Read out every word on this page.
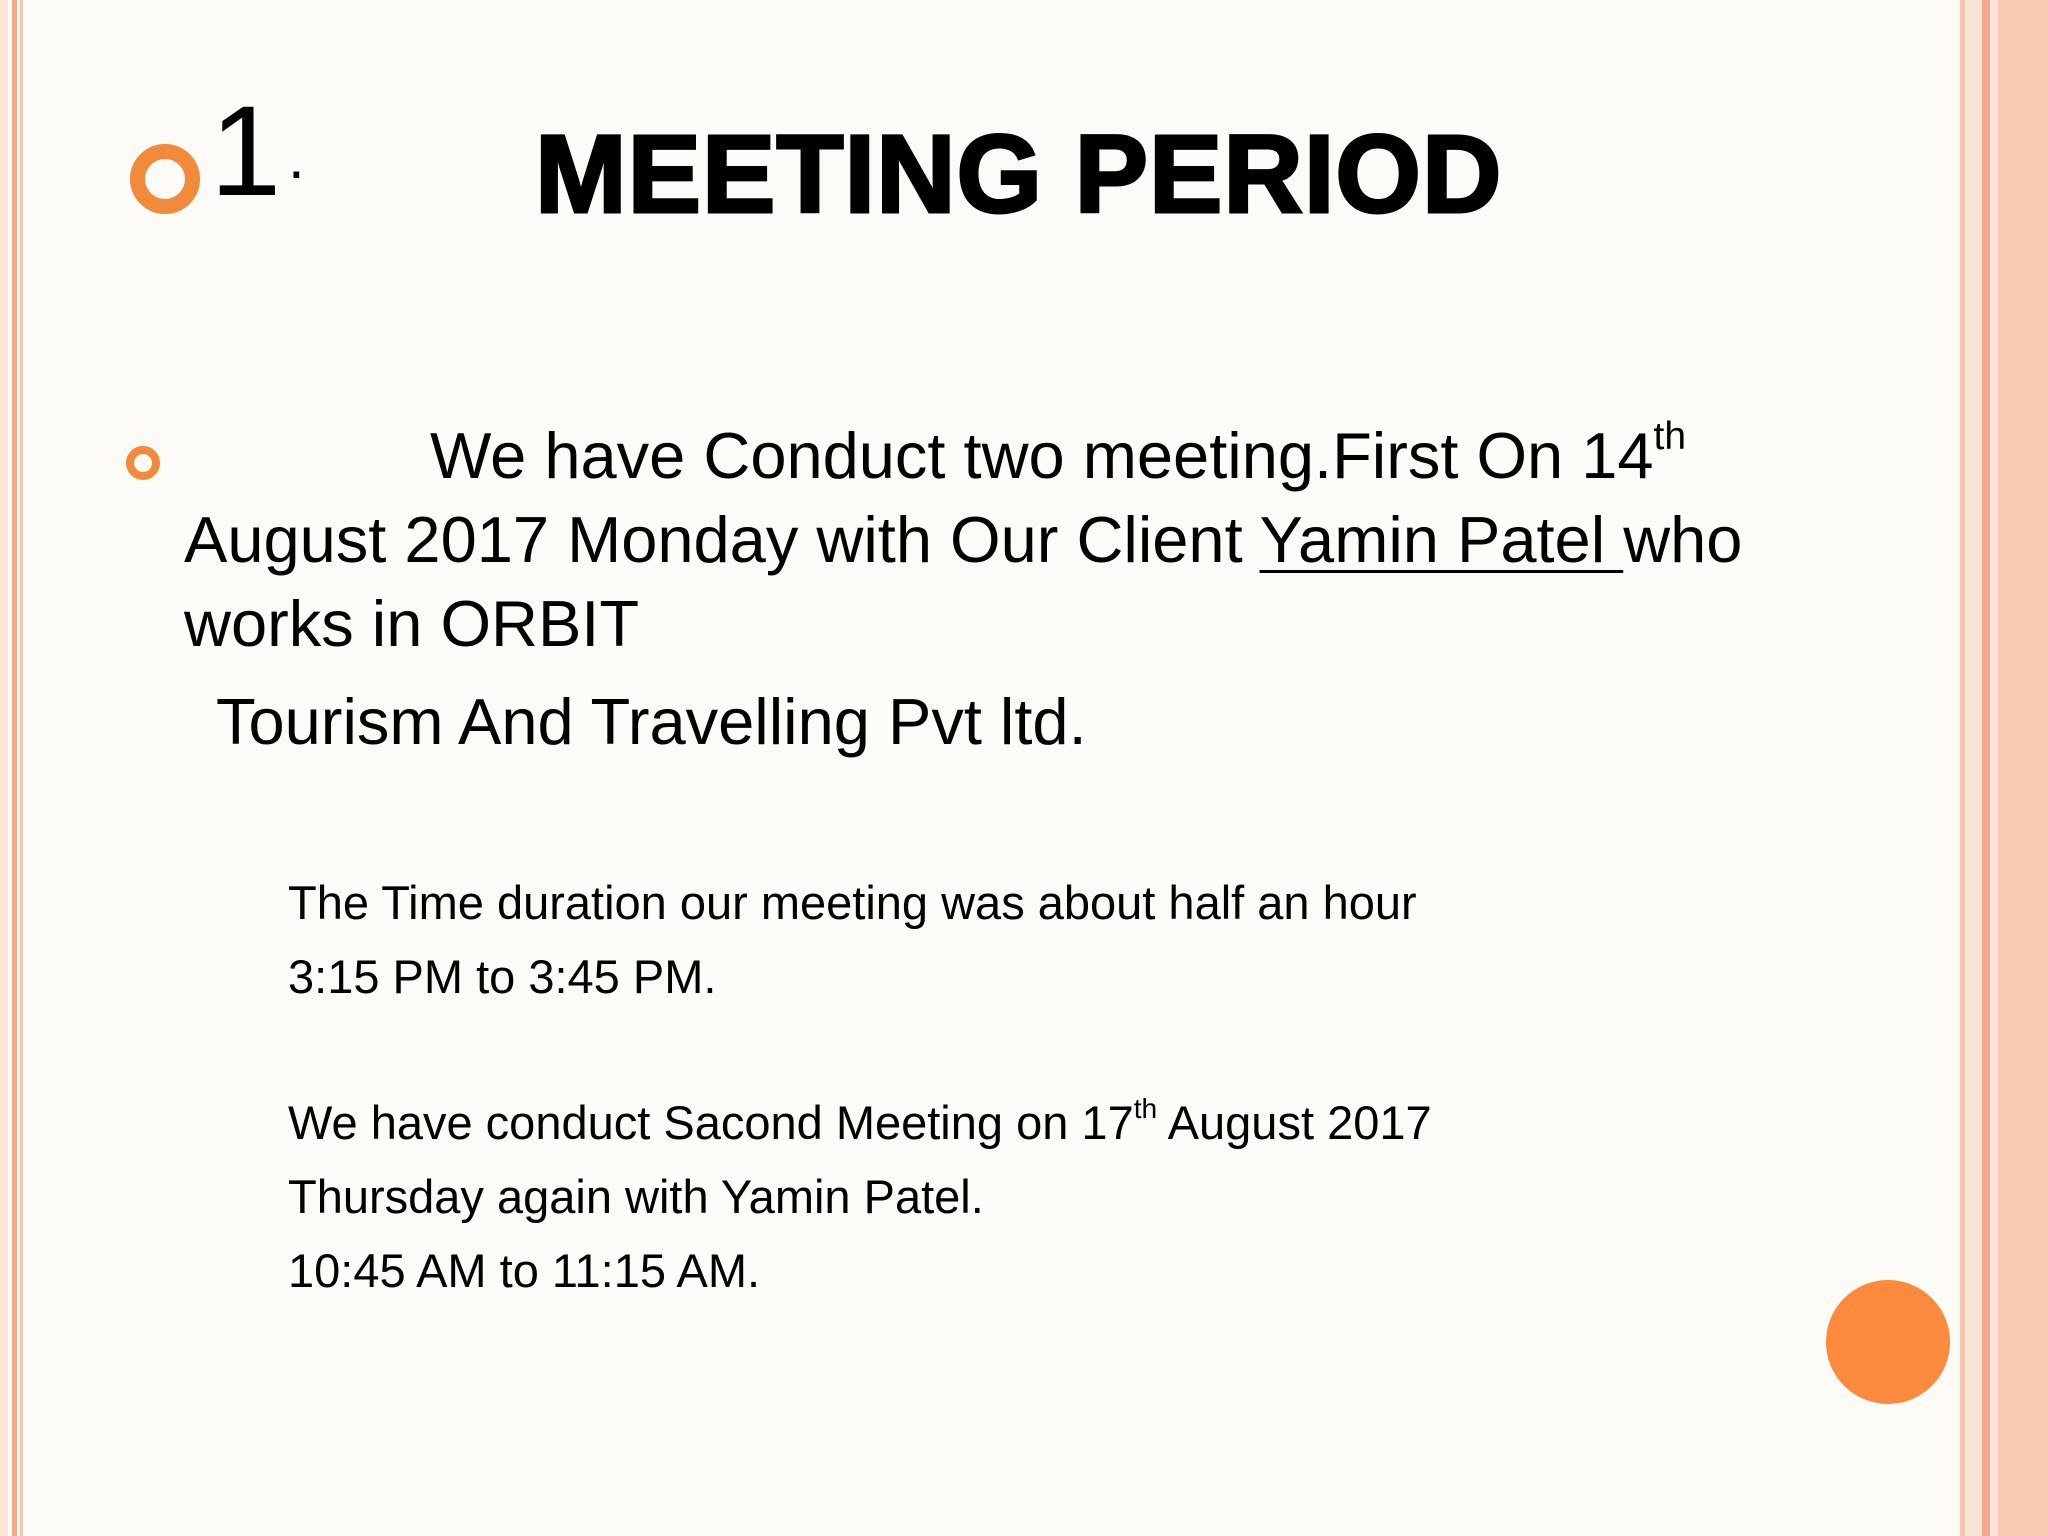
1 . MEETING PERIOD
We have Conduct two meeting.First On 14th
August 2017 Monday with Our Client Yamin Patel who
works in ORBIT
Tourism And Travelling Pvt ltd.
The Time duration our meeting was about half an hour
3:15 PM to 3:45 PM.
We have conduct Sacond Meeting on 17th August 2017
Thursday again with Yamin Patel.
10:45 AM to 11:15 AM.
